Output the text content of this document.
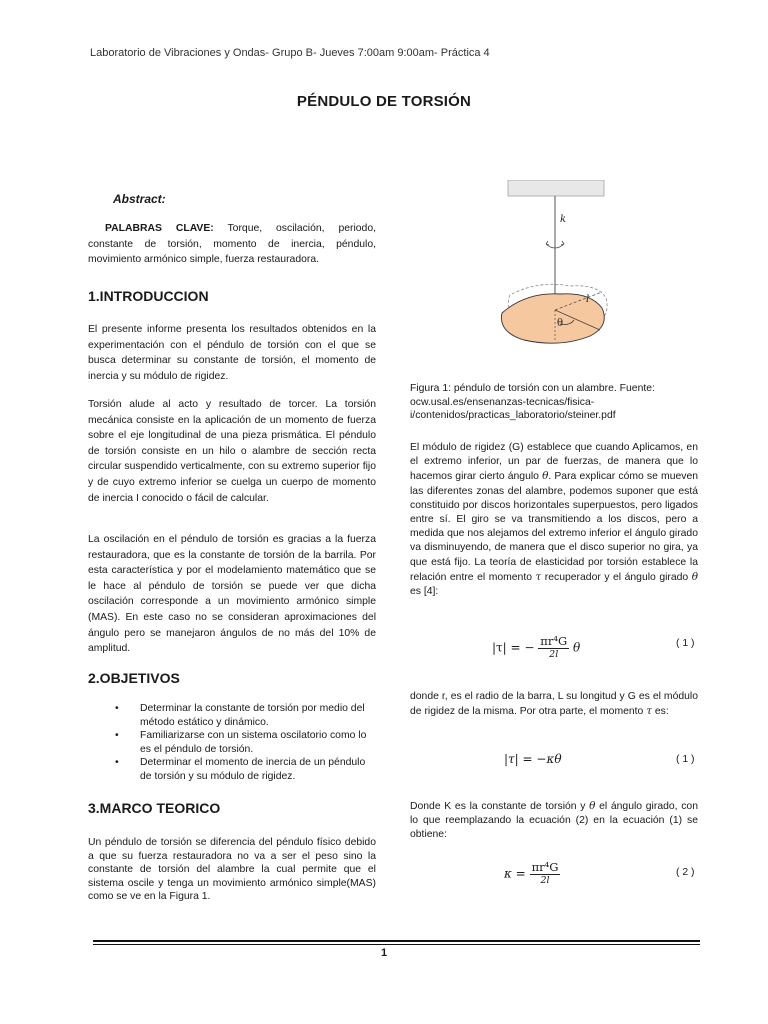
Laboratorio de Vibraciones y Ondas- Grupo B- Jueves 7:00am 9:00am- Práctica 4
PÉNDULO DE TORSIÓN
Abstract:
PALABRAS CLAVE: Torque, oscilación, periodo, constante de torsión, momento de inercia, péndulo, movimiento armónico simple, fuerza restauradora.
1.INTRODUCCION

El presente informe presenta los resultados obtenidos en la experimentación con el péndulo de torsión con el que se busca determinar su constante de torsión, el momento de inercia y su módulo de rigidez.

Torsión alude al acto y resultado de torcer. La torsión mecánica consiste en la aplicación de un momento de fuerza sobre el eje longitudinal de una pieza prismática. El péndulo de torsión consiste en un hilo o alambre de sección recta circular suspendido verticalmente, con su extremo superior fijo y de cuyo extremo inferior se cuelga un cuerpo de momento de inercia I conocido o fácil de calcular.

La oscilación en el péndulo de torsión es gracias a la fuerza restauradora, que es la constante de torsión de la barrila. Por esta característica y por el modelamiento matemático que se le hace al péndulo de torsión se puede ver que dicha oscilación corresponde a un movimiento armónico simple (MAS). En este caso no se consideran aproximaciones del ángulo pero se manejaron ángulos de no más del 10% de amplitud.

2.OBJETIVOS
• Determinar la constante de torsión por medio del método estático y dinámico.
• Familiarizarse con un sistema oscilatorio como lo es el péndulo de torsión.
• Determinar el momento de inercia de un péndulo de torsión y su módulo de rigidez.
3.MARCO TEORICO

Un péndulo de torsión se diferencia del péndulo físico debido a que su fuerza restauradora no va a ser el peso sino la constante de torsión del alambre la cual permite que el sistema oscile y tenga un movimiento armónico simple(MAS) como se ve en la Figura 1.

k
θ
l

Figura 1: péndulo de torsión con un alambre. Fuente: ocw.usal.es/ensenanzas-tecnicas/fisica-i/contenidos/practicas_laboratorio/steiner.pdf

El módulo de rigidez (G) establece que cuando Aplicamos, en el extremo inferior, un par de fuerzas, de manera que lo hacemos girar cierto ángulo θ. Para explicar cómo se mueven las diferentes zonas del alambre, podemos suponer que está constituido por discos horizontales superpuestos, pero ligados entre sí. El giro se va transmitiendo a los discos, pero a medida que nos alejamos del extremo inferior el ángulo girado va disminuyendo, de manera que el disco superior no gira, ya que está fijo. La teoría de elasticidad por torsión establece la relación entre el momento τ recuperador y el ángulo girado θ es [4]:

|τ| = − $\frac{\text{πr⁴G}}{2l}$ θ	( 1 )

donde r, es el radio de la barra, L su longitud y G es el módulo de rigidez de la misma. Por otra parte, el momento τ es:

|τ| = −κθ	( 1 )

Donde K es la constante de torsión y θ el ángulo girado, con lo que reemplazando la ecuación (2) en la ecuación (1) se obtiene:

$\kappa = \frac{\text{πr⁴G}}{2l}$	( 2 )
1
